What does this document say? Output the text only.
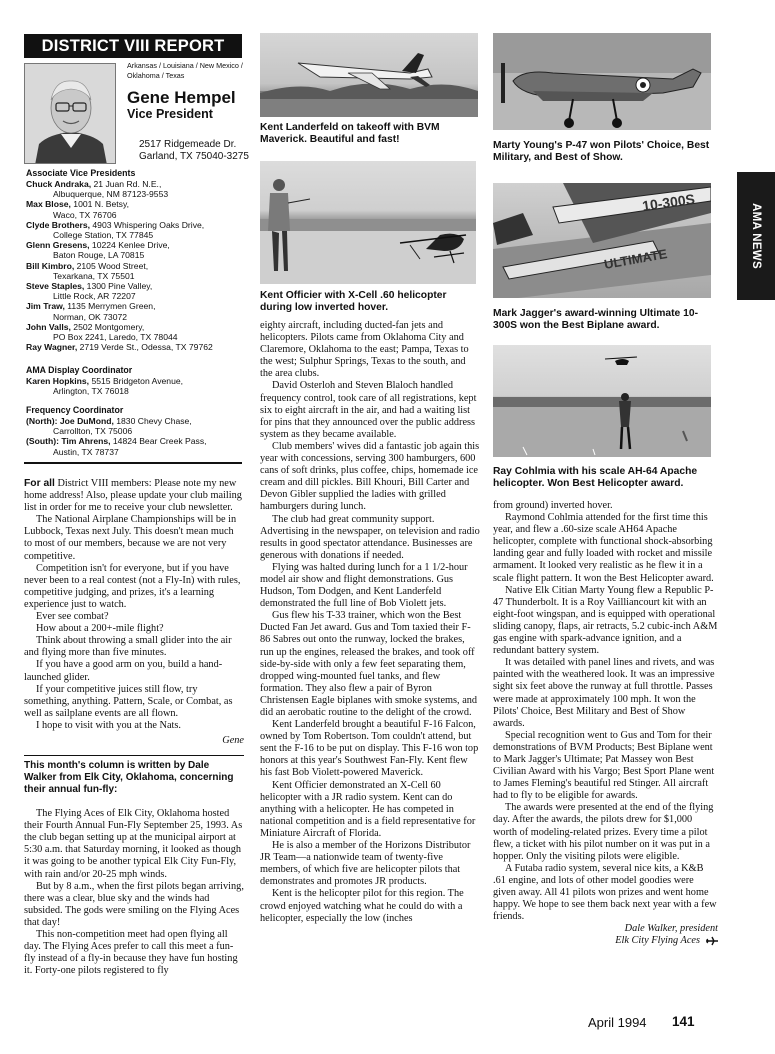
DISTRICT VIII REPORT
Arkansas / Louisiana / New Mexico /
Oklahoma / Texas
Gene Hempel
Vice President
2517 Ridgemeade Dr.
Garland, TX 75040-3275
Associate Vice Presidents
Chuck Andraka, 21 Juan Rd. N.E.,
Albuquerque, NM 87123-9553
Max Blose, 1001 N. Betsy,
Waco, TX 76706
Clyde Brothers, 4903 Whispering Oaks Drive,
College Station, TX 77845
Glenn Gresens, 10224 Kenlee Drive,
Baton Rouge, LA 70815
Bill Kimbro, 2105 Wood Street,
Texarkana, TX 75501
Steve Staples, 1300 Pine Valley,
Little Rock, AR 72207
Jim Traw, 1135 Merrymen Green,
Norman, OK 73072
John Valls, 2502 Montgomery,
PO Box 2241, Laredo, TX 78044
Ray Wagner, 2719 Verde St., Odessa, TX 79762
AMA Display Coordinator
Karen Hopkins, 5515 Bridgeton Avenue,
Arlington, TX 76018
Frequency Coordinator
(North): Joe DuMond, 1830 Chevy Chase,
Carrollton, TX 75006
(South): Tim Ahrens, 14824 Bear Creek Pass,
Austin, TX 78737

For all District VIII members: Please note my new home address! Also, please update your club mailing list in order for me to receive your club newsletter.

The National Airplane Championships will be in Lubbock, Texas next July. This doesn't mean much to most of our members, because we are not very competitive.

Competition isn't for everyone, but if you have never been to a real contest (not a Fly-In) with rules, competitive judging, and prizes, it's a learning experience just to watch.

Ever see combat?

How about a 200+-mile flight?

Think about throwing a small glider into the air and flying more than five minutes.

If you have a good arm on you, build a hand-launched glider.

If your competitive juices still flow, try something, anything. Pattern, Scale, or Combat, as well as sailplane events are all flown.

I hope to visit with you at the Nats.

Gene

This month's column is written by Dale Walker from Elk City, Oklahoma, concerning their annual fun-fly:

The Flying Aces of Elk City, Oklahoma hosted their Fourth Annual Fun-Fly September 25, 1993. As the club began setting up at the municipal airport at 5:30 a.m. that Saturday morning, it looked as though it was going to be another typical Elk City Fun-Fly, with rain and/or 20-25 mph winds.

But by 8 a.m., when the first pilots began arriving, there was a clear, blue sky and the winds had subsided. The gods were smiling on the Flying Aces that day!

This non-competition meet had open flying all day. The Flying Aces prefer to call this meet a fun-fly instead of a fly-in because they have fun hosting it. Forty-one pilots registered to fly

Kent Landerfeld on takeoff with BVM Maverick. Beautiful and fast!
Kent Officier with X-Cell .60 helicopter during low inverted hover.

eighty aircraft, including ducted-fan jets and helicopters. Pilots came from Oklahoma City and Claremore, Oklahoma to the east; Pampa, Texas to the west; Sulphur Springs, Texas to the south, and the area clubs.

David Osterloh and Steven Blaloch handled frequency control, took care of all registrations, kept six to eight aircraft in the air, and had a waiting list for pins that they announced over the public address system as they became available.

Club members' wives did a fantastic job again this year with concessions, serving 300 hamburgers, 600 cans of soft drinks, plus coffee, chips, homemade ice cream and dill pickles. Bill Khouri, Bill Carter and Devon Gibler supplied the ladies with grilled hamburgers during lunch.

The club had great community support. Advertising in the newspaper, on television and radio results in good spectator attendance. Businesses are generous with donations if needed.

Flying was halted during lunch for a 1 1/2-hour model air show and flight demonstrations. Gus Hudson, Tom Dodgen, and Kent Landerfeld demonstrated the full line of Bob Violett jets.

Gus flew his T-33 trainer, which won the Best Ducted Fan Jet award. Gus and Tom taxied their F-86 Sabres out onto the runway, locked the brakes, run up the engines, released the brakes, and took off side-by-side with only a few feet separating them, dropped wing-mounted fuel tanks, and flew formation. They also flew a pair of Byron Christensen Eagle biplanes with smoke systems, and did an aerobatic routine to the delight of the crowd.

Kent Landerfeld brought a beautiful F-16 Falcon, owned by Tom Robertson. Tom couldn't attend, but sent the F-16 to be put on display. This F-16 won top honors at this year's Southwest Fan-Fly. Kent flew his fast Bob Violett-powered Maverick.

Kent Officier demonstrated an X-Cell 60 helicopter with a JR radio system. Kent can do anything with a helicopter. He has competed in national competition and is a field representative for Miniature Aircraft of Florida.

He is also a member of the Horizons Distributor JR Team—a nationwide team of twenty-five members, of which five are helicopter pilots that demonstrates and promotes JR products.

Kent is the helicopter pilot for this region. The crowd enjoyed watching what he could do with a helicopter, especially the low (inches

Marty Young's P-47 won Pilots' Choice, Best Military, and Best of Show.
ULTIMATE
10-300S
Mark Jagger's award-winning Ultimate 10-300S won the Best Biplane award.
Ray Cohlmia with his scale AH-64 Apache helicopter. Won Best Helicopter award.

from ground) inverted hover.

Raymond Cohlmia attended for the first time this year, and flew a .60-size scale AH64 Apache helicopter, complete with functional shock-absorbing landing gear and fully loaded with rocket and missile armament. It looked very realistic as he flew it in a scale flight pattern. It won the Best Helicopter award.

Native Elk Citian Marty Young flew a Republic P-47 Thunderbolt. It is a Roy Vailliancourt kit with an eight-foot wingspan, and is equipped with operational sliding canopy, flaps, air retracts, 5.2 cubic-inch A&M gas engine with spark-advance ignition, and a redundant battery system.

It was detailed with panel lines and rivets, and was painted with the weathered look. It was an impressive sight six feet above the runway at full throttle. Passes were made at approximately 100 mph. It won the Pilots' Choice, Best Military and Best of Show awards.

Special recognition went to Gus and Tom for their demonstrations of BVM Products; Best Biplane went to Mark Jagger's Ultimate; Pat Massey won Best Civilian Award with his Vargo; Best Sport Plane went to James Fleming's beautiful red Stinger. All aircraft had to fly to be eligible for awards.

The awards were presented at the end of the flying day. After the awards, the pilots drew for $1,000 worth of modeling-related prizes. Every time a pilot flew, a ticket with his pilot number on it was put in a hopper. Only the visiting pilots were eligible.

A Futaba radio system, several nice kits, a K&B .61 engine, and lots of other model goodies were given away. All 41 pilots won prizes and went home happy. We hope to see them back next year with a few friends.

Dale Walker, president
Elk City Flying Aces
AMA NEWS
April 1994 141
